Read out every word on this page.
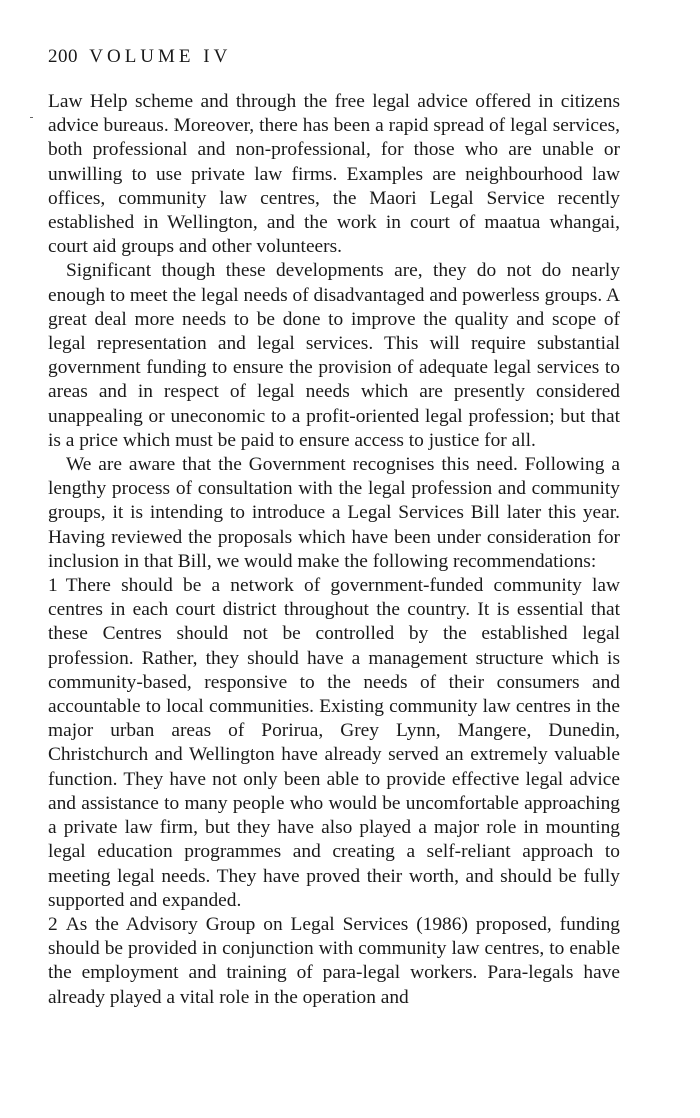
200 VOLUME IV

Law Help scheme and through the free legal advice offered in citizens advice bureaus. Moreover, there has been a rapid spread of legal services, both professional and non-professional, for those who are unable or unwilling to use private law firms. Examples are neighbourhood law offices, community law centres, the Maori Legal Service recently established in Wellington, and the work in court of maatua whangai, court aid groups and other volunteers.

Significant though these developments are, they do not do nearly enough to meet the legal needs of disadvantaged and powerless groups. A great deal more needs to be done to improve the quality and scope of legal representation and legal services. This will require substantial government funding to ensure the provision of adequate legal services to areas and in respect of legal needs which are presently considered unappealing or uneconomic to a profit-oriented legal profession; but that is a price which must be paid to ensure access to justice for all.

We are aware that the Government recognises this need. Following a lengthy process of consultation with the legal profession and community groups, it is intending to introduce a Legal Services Bill later this year. Having reviewed the proposals which have been under consideration for inclusion in that Bill, we would make the following recommendations:

1 There should be a network of government-funded community law centres in each court district throughout the country. It is essential that these Centres should not be controlled by the established legal profession. Rather, they should have a management structure which is community-based, responsive to the needs of their consumers and accountable to local communities. Existing community law centres in the major urban areas of Porirua, Grey Lynn, Mangere, Dunedin, Christchurch and Wellington have already served an extremely valuable function. They have not only been able to provide effective legal advice and assistance to many people who would be uncomfortable approaching a private law firm, but they have also played a major role in mounting legal education programmes and creating a self-reliant approach to meeting legal needs. They have proved their worth, and should be fully supported and expanded.

2 As the Advisory Group on Legal Services (1986) proposed, funding should be provided in conjunction with community law centres, to enable the employment and training of para-legal workers. Para-legals have already played a vital role in the operation and
